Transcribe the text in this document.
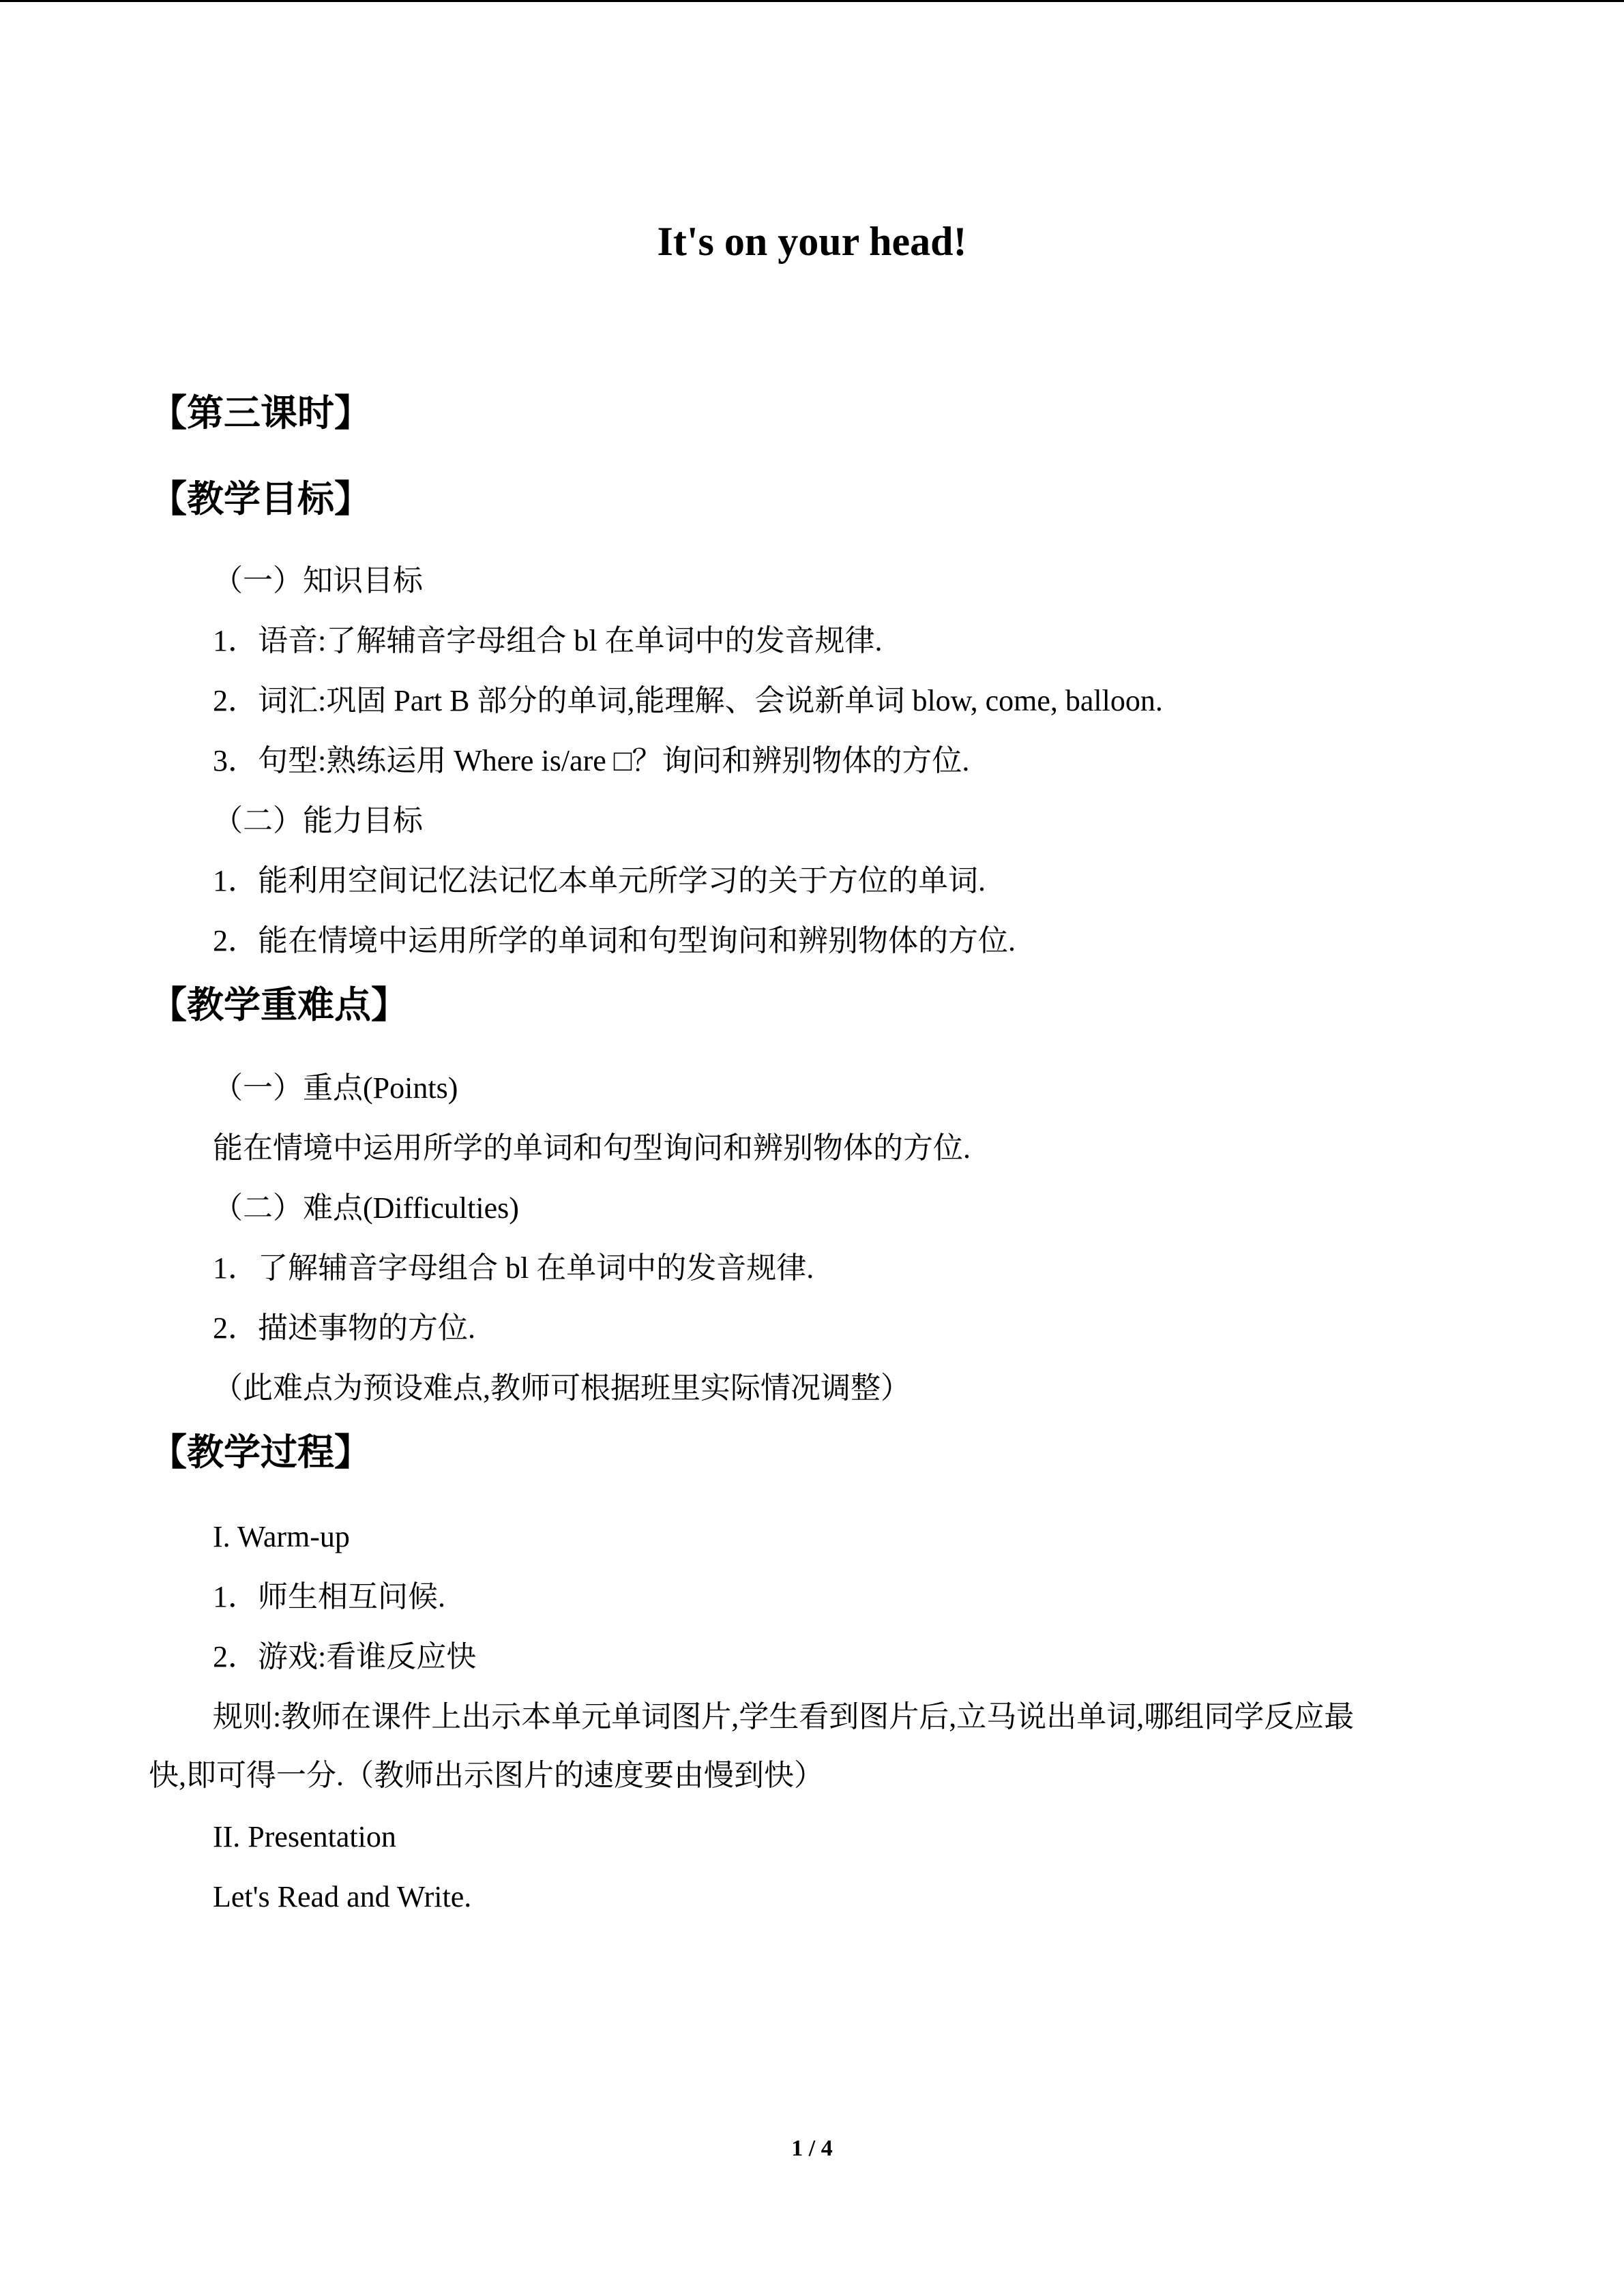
It's on your head!
【第三课时】
【教学目标】
（一）知识目标
1．语音:了解辅音字母组合 bl 在单词中的发音规律.
2．词汇:巩固 Part B 部分的单词,能理解、会说新单词 blow, come, balloon.
3．句型:熟练运用 Where is/are □？询问和辨别物体的方位.
（二）能力目标
1．能利用空间记忆法记忆本单元所学习的关于方位的单词.
2．能在情境中运用所学的单词和句型询问和辨别物体的方位.
【教学重难点】
（一）重点(Points)
能在情境中运用所学的单词和句型询问和辨别物体的方位.
（二）难点(Difficulties)
1．了解辅音字母组合 bl 在单词中的发音规律.
2．描述事物的方位.
（此难点为预设难点,教师可根据班里实际情况调整）
【教学过程】
I. Warm-up
1．师生相互问候.
2．游戏:看谁反应快
规则:教师在课件上出示本单元单词图片,学生看到图片后,立马说出单词,哪组同学反应最
快,即可得一分.（教师出示图片的速度要由慢到快）
II. Presentation
Let's Read and Write.
1 / 4
